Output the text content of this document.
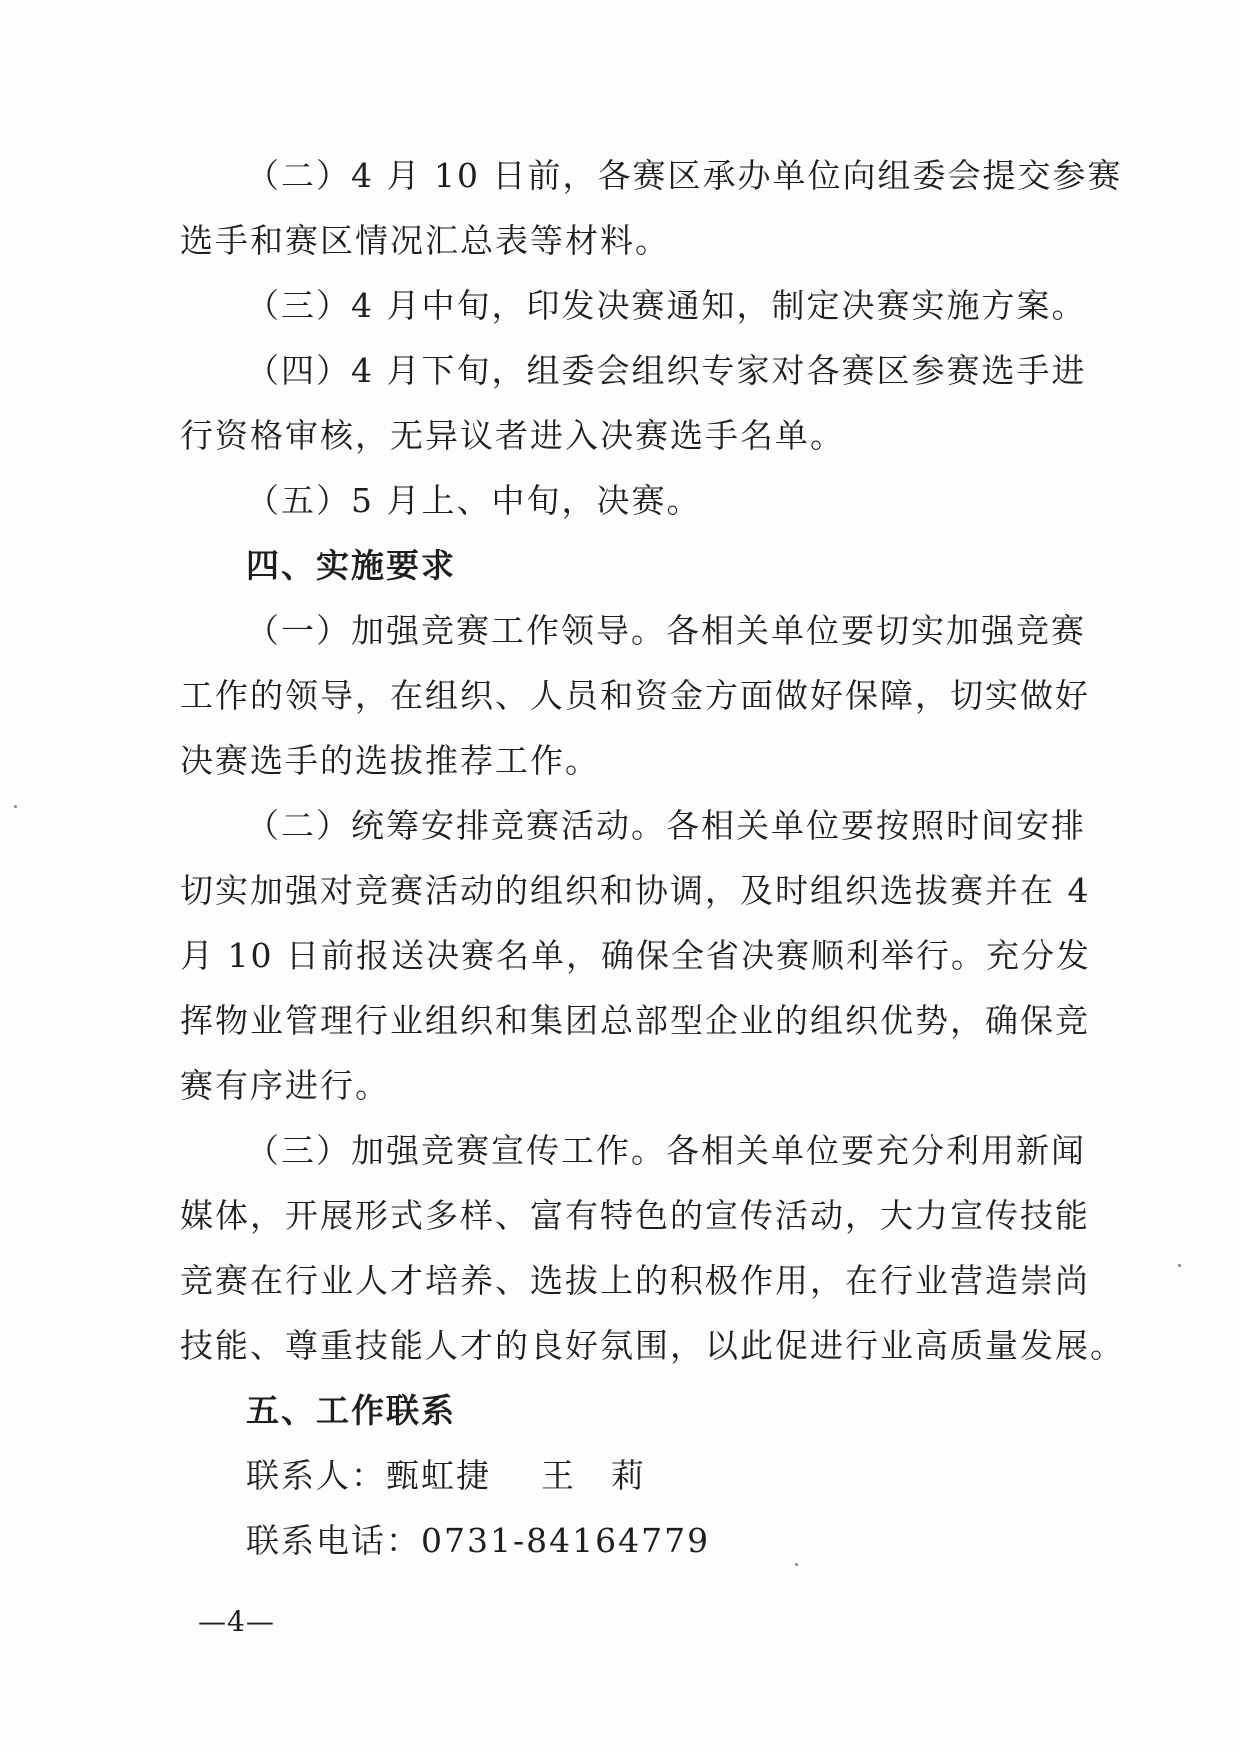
（二）4 月 10 日前，各赛区承办单位向组委会提交参赛
选手和赛区情况汇总表等材料。
（三）4 月中旬，印发决赛通知，制定决赛实施方案。
（四）4 月下旬，组委会组织专家对各赛区参赛选手进
行资格审核，无异议者进入决赛选手名单。
（五）5 月上、中旬，决赛。
四、实施要求
（一）加强竞赛工作领导。各相关单位要切实加强竞赛
工作的领导，在组织、人员和资金方面做好保障，切实做好
决赛选手的选拔推荐工作。
（二）统筹安排竞赛活动。各相关单位要按照时间安排
切实加强对竞赛活动的组织和协调，及时组织选拔赛并在 4
月 10 日前报送决赛名单，确保全省决赛顺利举行。充分发
挥物业管理行业组织和集团总部型企业的组织优势，确保竞
赛有序进行。
（三）加强竞赛宣传工作。各相关单位要充分利用新闻
媒体，开展形式多样、富有特色的宣传活动，大力宣传技能
竞赛在行业人才培养、选拔上的积极作用，在行业营造崇尚
技能、尊重技能人才的良好氛围，以此促进行业高质量发展。
五、工作联系
联系人：甄虹捷 王　莉
联系电话：0731-84164779
—4—
